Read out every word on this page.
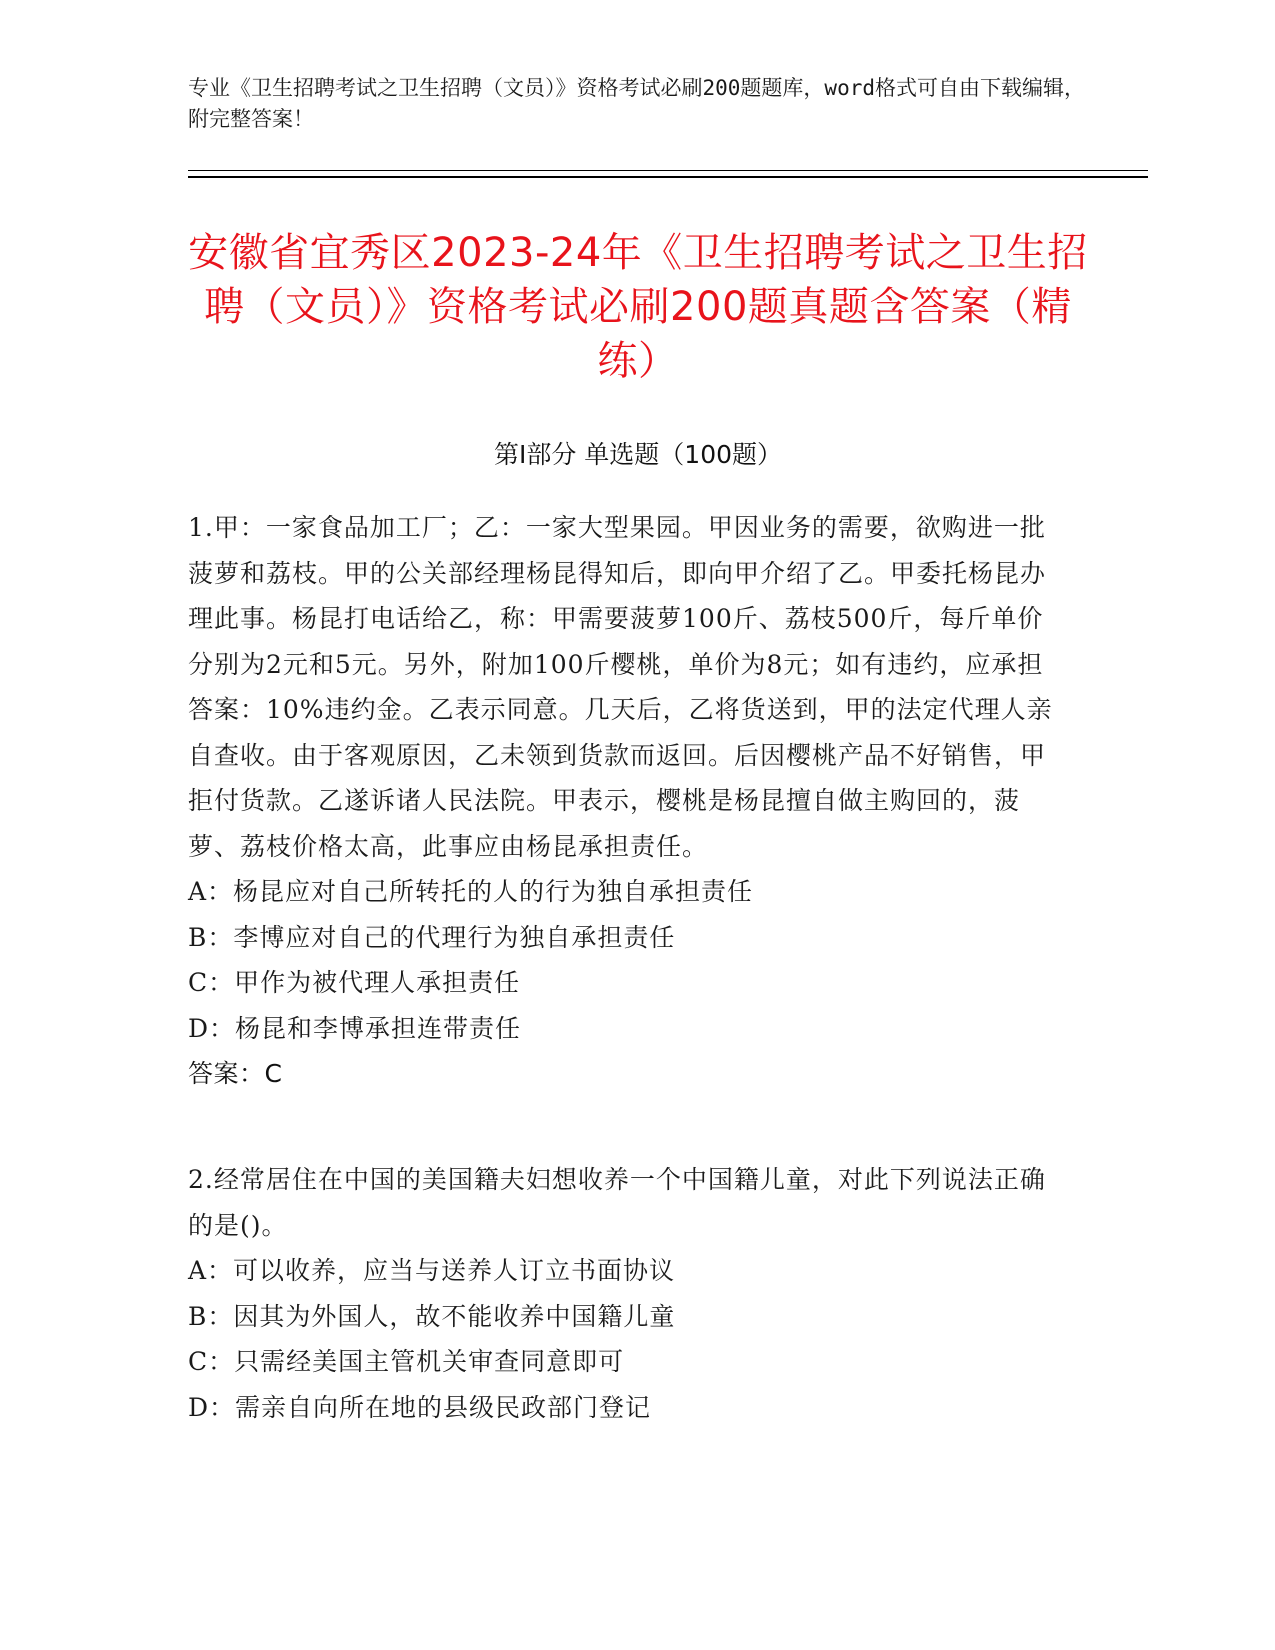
专业《卫生招聘考试之卫生招聘（文员）》资格考试必刷200题题库，word格式可自由下载编辑，附完整答案！
安徽省宜秀区2023-24年《卫生招聘考试之卫生招聘（文员）》资格考试必刷200题真题含答案（精练）
第Ⅰ部分 单选题（100题）

1.甲：一家食品加工厂；乙：一家大型果园。甲因业务的需要，欲购进一批菠萝和荔枝。甲的公关部经理杨昆得知后，即向甲介绍了乙。甲委托杨昆办理此事。杨昆打电话给乙，称：甲需要菠萝100斤、荔枝500斤，每斤单价分别为2元和5元。另外，附加100斤樱桃，单价为8元；如有违约，应承担答案：10%违约金。乙表示同意。几天后，乙将货送到，甲的法定代理人亲自查收。由于客观原因，乙未领到货款而返回。后因樱桃产品不好销售，甲拒付货款。乙遂诉诸人民法院。甲表示，樱桃是杨昆擅自做主购回的，菠萝、荔枝价格太高，此事应由杨昆承担责任。

A：杨昆应对自己所转托的人的行为独自承担责任

B：李博应对自己的代理行为独自承担责任

C：甲作为被代理人承担责任

D：杨昆和李博承担连带责任

答案：C

2.经常居住在中国的美国籍夫妇想收养一个中国籍儿童，对此下列说法正确的是()。

A：可以收养，应当与送养人订立书面协议

B：因其为外国人，故不能收养中国籍儿童

C：只需经美国主管机关审查同意即可

D：需亲自向所在地的县级民政部门登记
